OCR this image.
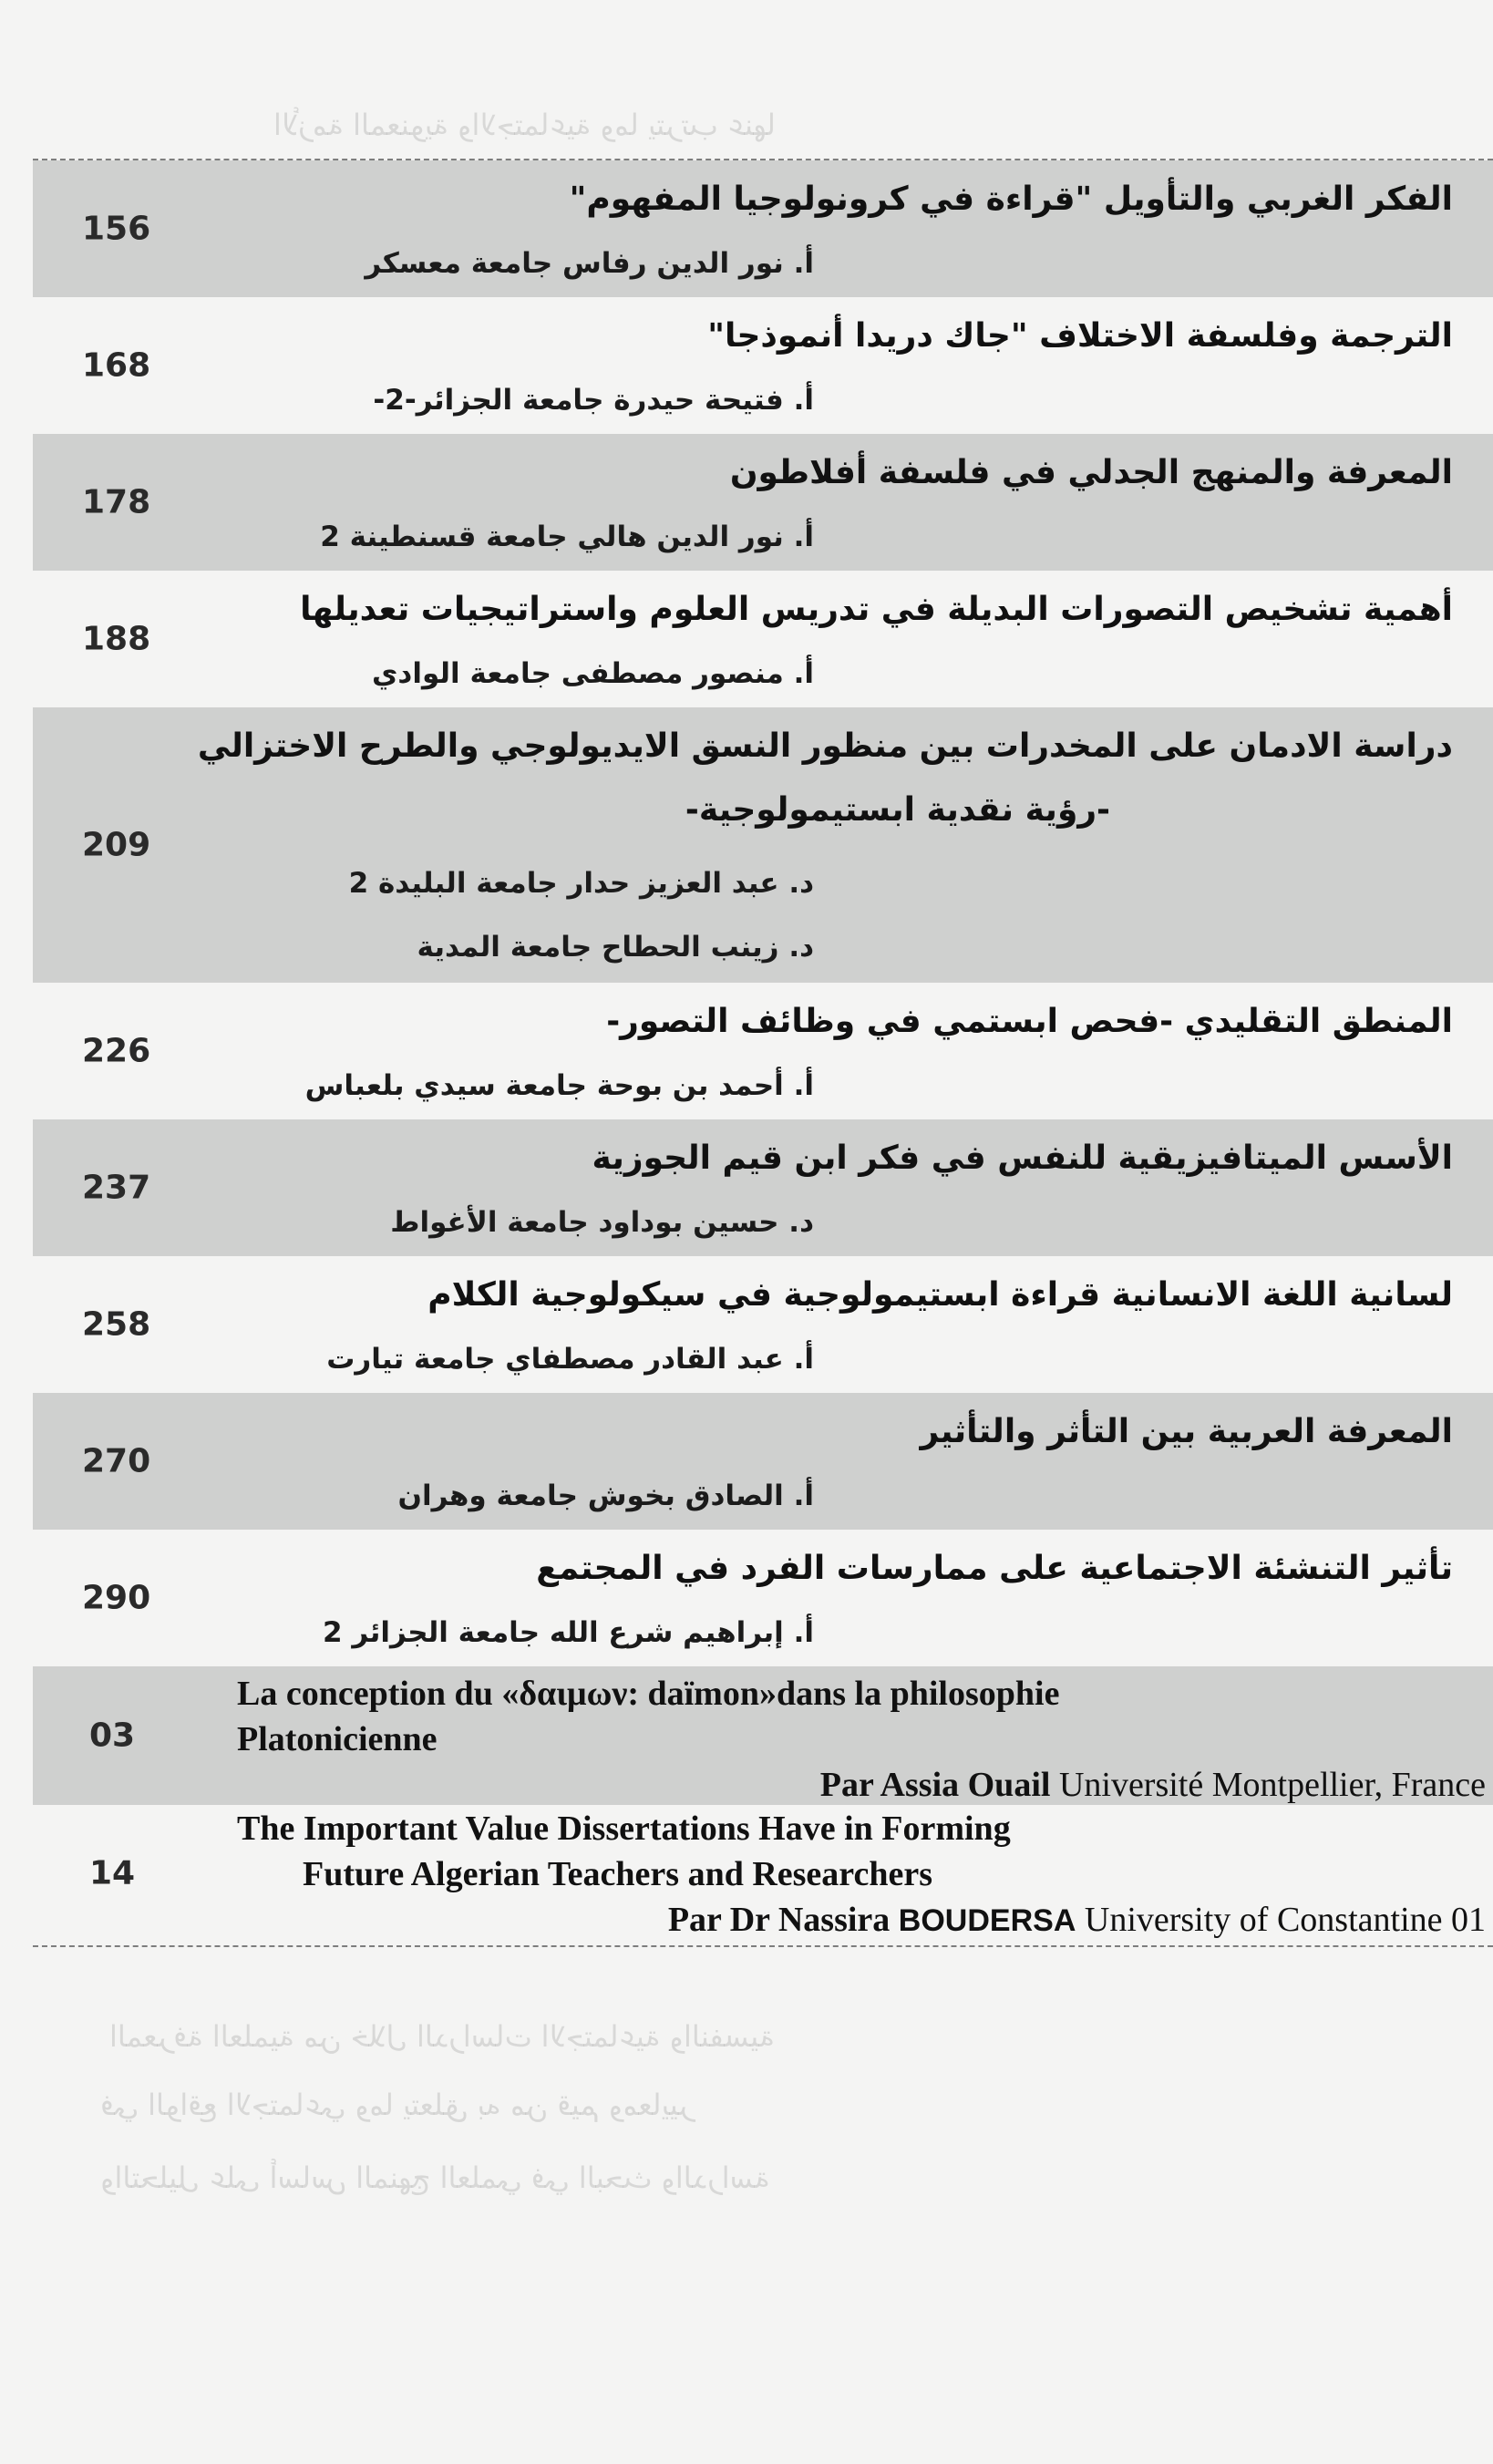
الأزمة المعنوية والاجتماعية وما يترتب عنها
المعرفة العلمية من خلال الدراسات الاجتماعية والنفسية
في الواقع الاجتماعي وما يتعلق به من قيم ومعايير
والتحليل على أساس المنهج العلمي في البحث والدراسة
156
الفكر الغربي والتأويل "قراءة في كرونولوجيا المفهوم"
أ. نور الدين رفاس جامعة معسكر
168
الترجمة وفلسفة الاختلاف "جاك دريدا أنموذجا"
أ. فتيحة حيدرة جامعة الجزائر-2-
178
المعرفة والمنهج الجدلي في فلسفة أفلاطون
أ. نور الدين هالي جامعة قسنطينة 2
188
أهمية تشخيص التصورات البديلة في تدريس العلوم واستراتيجيات تعديلها
أ. منصور مصطفى جامعة الوادي
209
دراسة الادمان على المخدرات بين منظور النسق الايديولوجي والطرح الاختزالي
-رؤية نقدية ابستيمولوجية-
د. عبد العزيز حدار جامعة البليدة 2
د. زينب الحطاح جامعة المدية
226
المنطق التقليدي -فحص ابستمي في وظائف التصور-
أ. أحمد بن بوحة جامعة سيدي بلعباس
237
الأسس الميتافيزيقية للنفس في فكر ابن قيم الجوزية
د. حسين بوداود جامعة الأغواط
258
لسانية اللغة الانسانية قراءة ابستيمولوجية في سيكولوجية الكلام
أ. عبد القادر مصطفاي جامعة تيارت
270
المعرفة العربية بين التأثر والتأثير
أ. الصادق بخوش جامعة وهران
290
تأثير التنشئة الاجتماعية على ممارسات الفرد في المجتمع
أ. إبراهيم شرع الله جامعة الجزائر 2
03
La conception du «δαιμων: daïmon»dans la philosophie
Platonicienne
Par Assia Ouail Université Montpellier, France
14
The Important Value Dissertations Have in Forming
Future Algerian Teachers and Researchers
Par Dr Nassira BOUDERSA University of Constantine 01
